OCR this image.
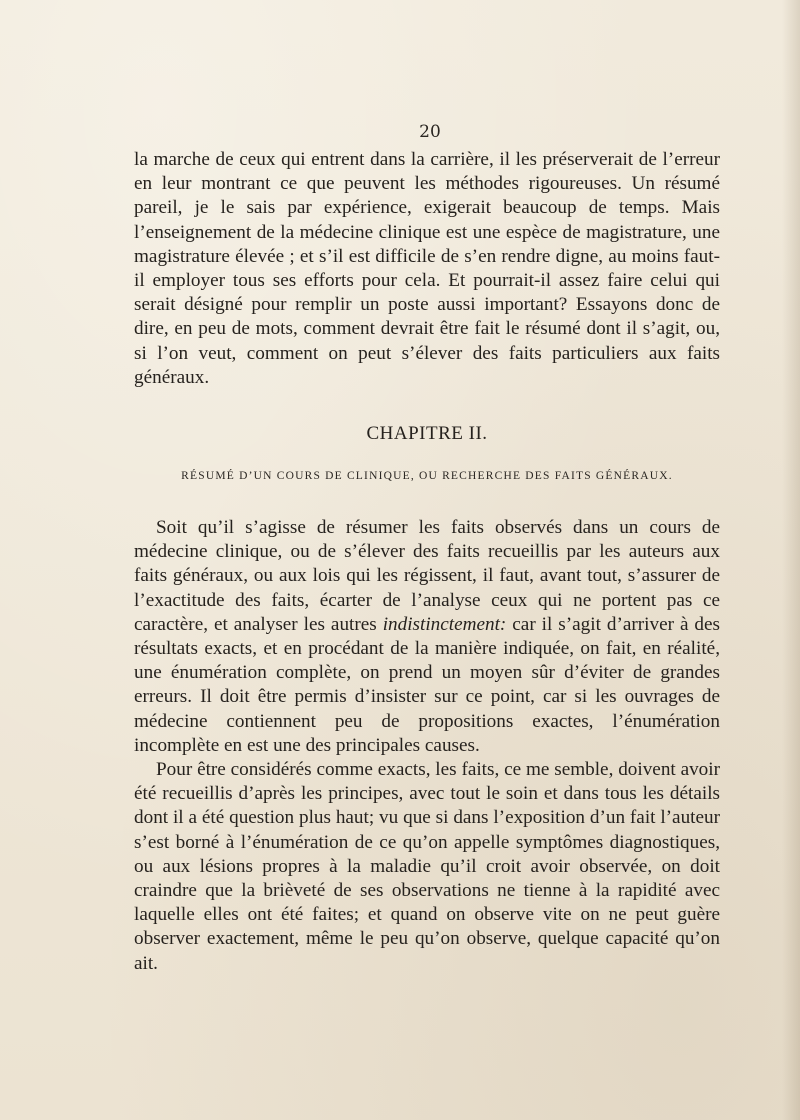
20

la marche de ceux qui entrent dans la carrière, il les préserverait de l’erreur en leur montrant ce que peuvent les méthodes rigoureuses. Un résumé pareil, je le sais par expérience, exigerait beaucoup de temps. Mais l’enseignement de la médecine clinique est une espèce de magistrature, une magistrature élevée ; et s’il est difficile de s’en rendre digne, au moins faut-il employer tous ses efforts pour cela. Et pourrait-il assez faire celui qui serait désigné pour remplir un poste aussi important? Essayons donc de dire, en peu de mots, comment devrait être fait le résumé dont il s’agit, ou, si l’on veut, comment on peut s’élever des faits particuliers aux faits généraux.

CHAPITRE II.
RÉSUMÉ D’UN COURS DE CLINIQUE, OU RECHERCHE DES FAITS GÉNÉRAUX.

Soit qu’il s’agisse de résumer les faits observés dans un cours de médecine clinique, ou de s’élever des faits recueillis par les auteurs aux faits généraux, ou aux lois qui les régissent, il faut, avant tout, s’assurer de l’exactitude des faits, écarter de l’analyse ceux qui ne portent pas ce caractère, et analyser les autres indistinctement: car il s’agit d’arriver à des résultats exacts, et en procédant de la manière indiquée, on fait, en réalité, une énumération complète, on prend un moyen sûr d’éviter de grandes erreurs. Il doit être permis d’insister sur ce point, car si les ouvrages de médecine contiennent peu de propositions exactes, l’énumération incomplète en est une des principales causes.

Pour être considérés comme exacts, les faits, ce me semble, doivent avoir été recueillis d’après les principes, avec tout le soin et dans tous les détails dont il a été question plus haut; vu que si dans l’exposition d’un fait l’auteur s’est borné à l’énumération de ce qu’on appelle symptômes diagnostiques, ou aux lésions propres à la maladie qu’il croit avoir observée, on doit craindre que la brièveté de ses observations ne tienne à la rapidité avec laquelle elles ont été faites; et quand on observe vite on ne peut guère observer exactement, même le peu qu’on observe, quelque capacité qu’on ait.
